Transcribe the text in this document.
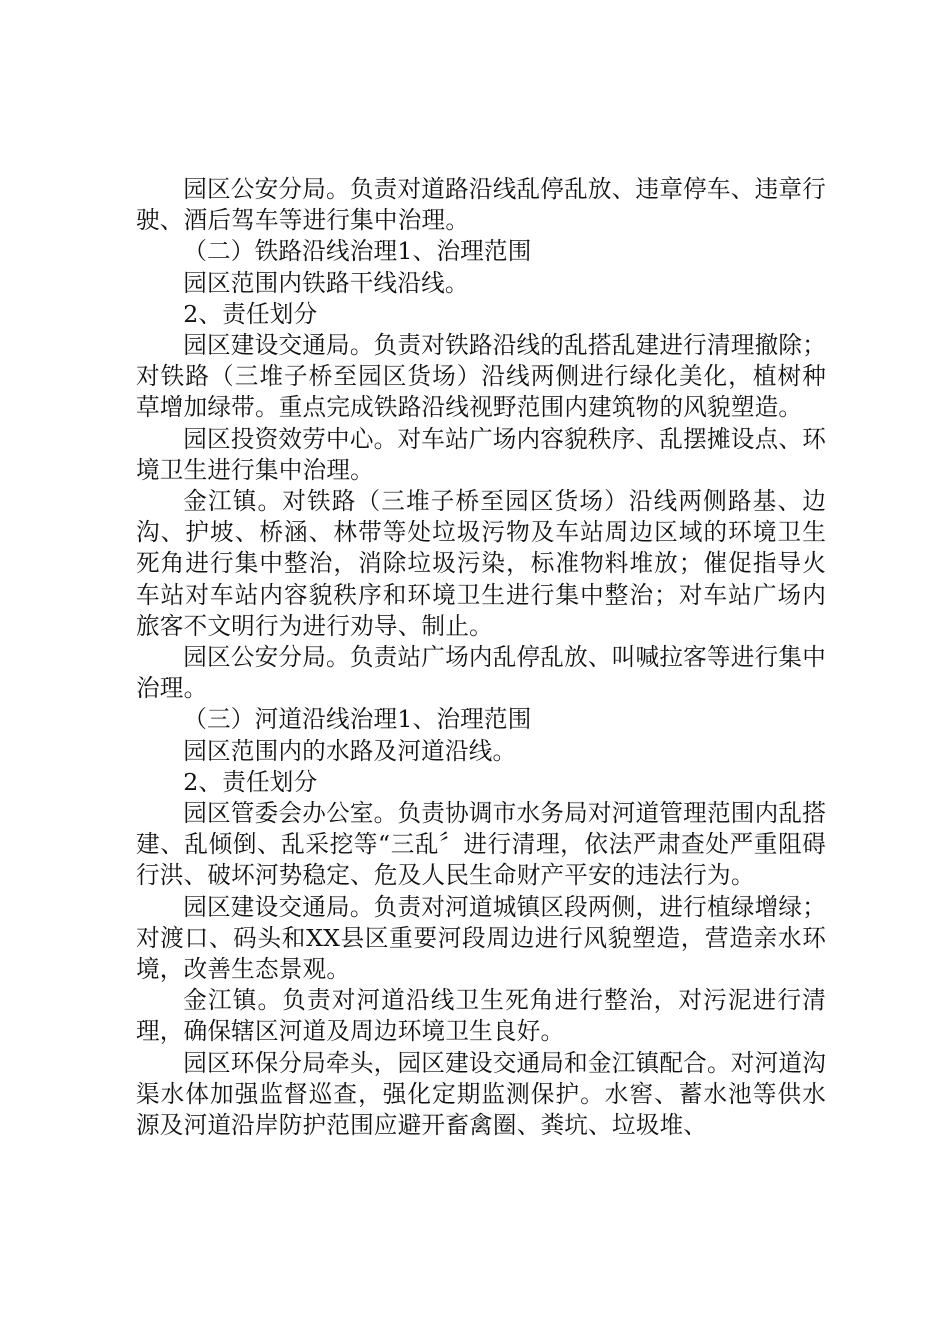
园区公安分局。负责对道路沿线乱停乱放、违章停车、违章行驶、酒后驾车等进行集中治理。

（二）铁路沿线治理1、治理范围

园区范围内铁路干线沿线。

2、责任划分

园区建设交通局。负责对铁路沿线的乱搭乱建进行清理撤除；对铁路（三堆子桥至园区货场）沿线两侧进行绿化美化，植树种草增加绿带。重点完成铁路沿线视野范围内建筑物的风貌塑造。

园区投资效劳中心。对车站广场内容貌秩序、乱摆摊设点、环境卫生进行集中治理。

金江镇。对铁路（三堆子桥至园区货场）沿线两侧路基、边沟、护坡、桥涵、林带等处垃圾污物及车站周边区域的环境卫生死角进行集中整治，消除垃圾污染，标准物料堆放；催促指导火车站对车站内容貌秩序和环境卫生进行集中整治；对车站广场内旅客不文明行为进行劝导、制止。

园区公安分局。负责站广场内乱停乱放、叫喊拉客等进行集中治理。

（三）河道沿线治理1、治理范围

园区范围内的水路及河道沿线。

2、责任划分

园区管委会办公室。负责协调市水务局对河道管理范围内乱搭建、乱倾倒、乱采挖等“三乱〞进行清理，依法严肃查处严重阻碍行洪、破坏河势稳定、危及人民生命财产平安的违法行为。

园区建设交通局。负责对河道城镇区段两侧，进行植绿增绿；对渡口、码头和XX县区重要河段周边进行风貌塑造，营造亲水环境，改善生态景观。

金江镇。负责对河道沿线卫生死角进行整治，对污泥进行清理，确保辖区河道及周边环境卫生良好。

园区环保分局牵头，园区建设交通局和金江镇配合。对河道沟渠水体加强监督巡查，强化定期监测保护。水窖、蓄水池等供水源及河道沿岸防护范围应避开畜禽圈、粪坑、垃圾堆、
